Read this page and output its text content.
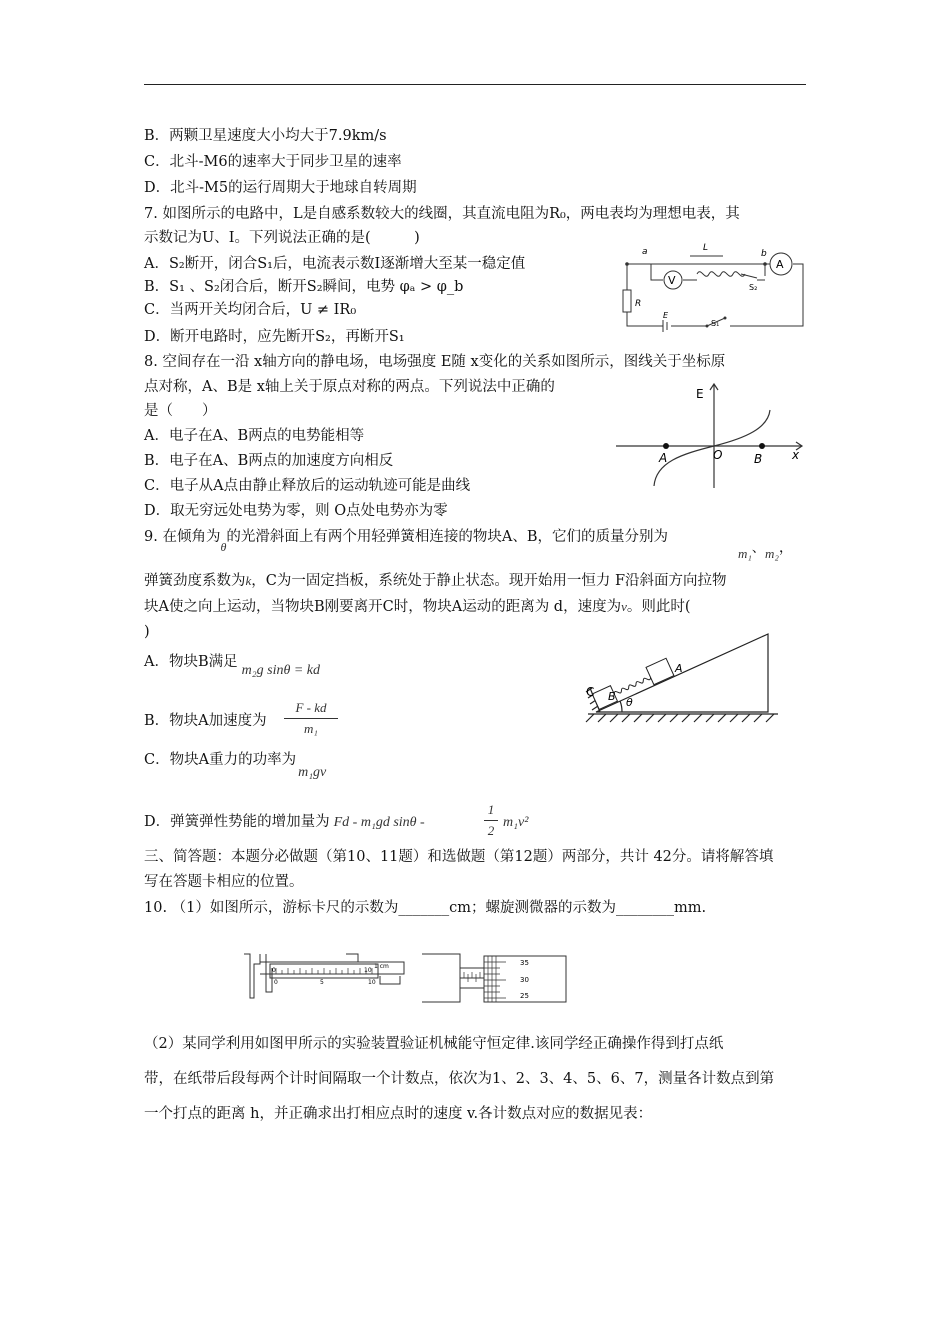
B．两颗卫星速度大小均大于7.9km/s
C．北斗-M6的速率大于同步卫星的速率
D．北斗-M5的运行周期大于地球自转周期
7. 如图所示的电路中，L是自感系数较大的线圈，其直流电阻为R₀，两电表均为理想电表，其
示数记为U、I。下列说法正确的是(　　　)
A．S₂断开，闭合S₁后，电流表示数I逐渐增大至某一稳定值
B．S₁ 、S₂闭合后，断开S₂瞬间，电势 φₐ > φ_b
C．当两开关均闭合后，U ≠ IR₀
D．断开电路时，应先断开S₂，再断开S₁
a	b
L
V
S₂
A
R
E
S₁
8. 空间存在一沿 x轴方向的静电场，电场强度 E随 x变化的关系如图所示，图线关于坐标原
点对称，A、B是 x轴上关于原点对称的两点。下列说法中正确的
是（　　）
A．电子在A、B两点的电势能相等
B．电子在A、B两点的加速度方向相反
C．电子从A点由静止释放后的运动轨迹可能是曲线
D．取无穷远处电势为零，则 O点处电势亦为零
E
A	O	B x
9. 在倾角为$_\theta$的光滑斜面上有两个用轻弹簧相连接的物块A、B，它们的质量分别为
m₁、m₂，
弹簧劲度系数为k，C为一固定挡板，系统处于静止状态。现开始用一恒力 F沿斜面方向拉物
块A使之向上运动，当物块B刚要离开C时，物块A运动的距离为 d，速度为v。则此时(
)
A．物块B满足m₂g sinθ = kd
B．物块A加速度为
F - kd
m₁
C．物块A重力的功率为m₁gv
D．弹簧弹性势能的增加量为 Fd - m₁gd sinθ -
1
2
m₁v²
C B
A
θ
三、简答题：本题分必做题（第10、11题）和选做题（第12题）两部分，共计 42分。请将解答填
写在答题卡相应的位置。
10. （1）如图所示，游标卡尺的示数为_______cm；螺旋测微器的示数为________mm.
1 cm
0	10
5
0	10
35
30
25
（2）某同学利用如图甲所示的实验装置验证机械能守恒定律.该同学经正确操作得到打点纸
带，在纸带后段每两个计时间隔取一个计数点，依次为1、2、3、4、5、6、7，测量各计数点到第
一个打点的距离 h，并正确求出打相应点时的速度 v.各计数点对应的数据见表：
